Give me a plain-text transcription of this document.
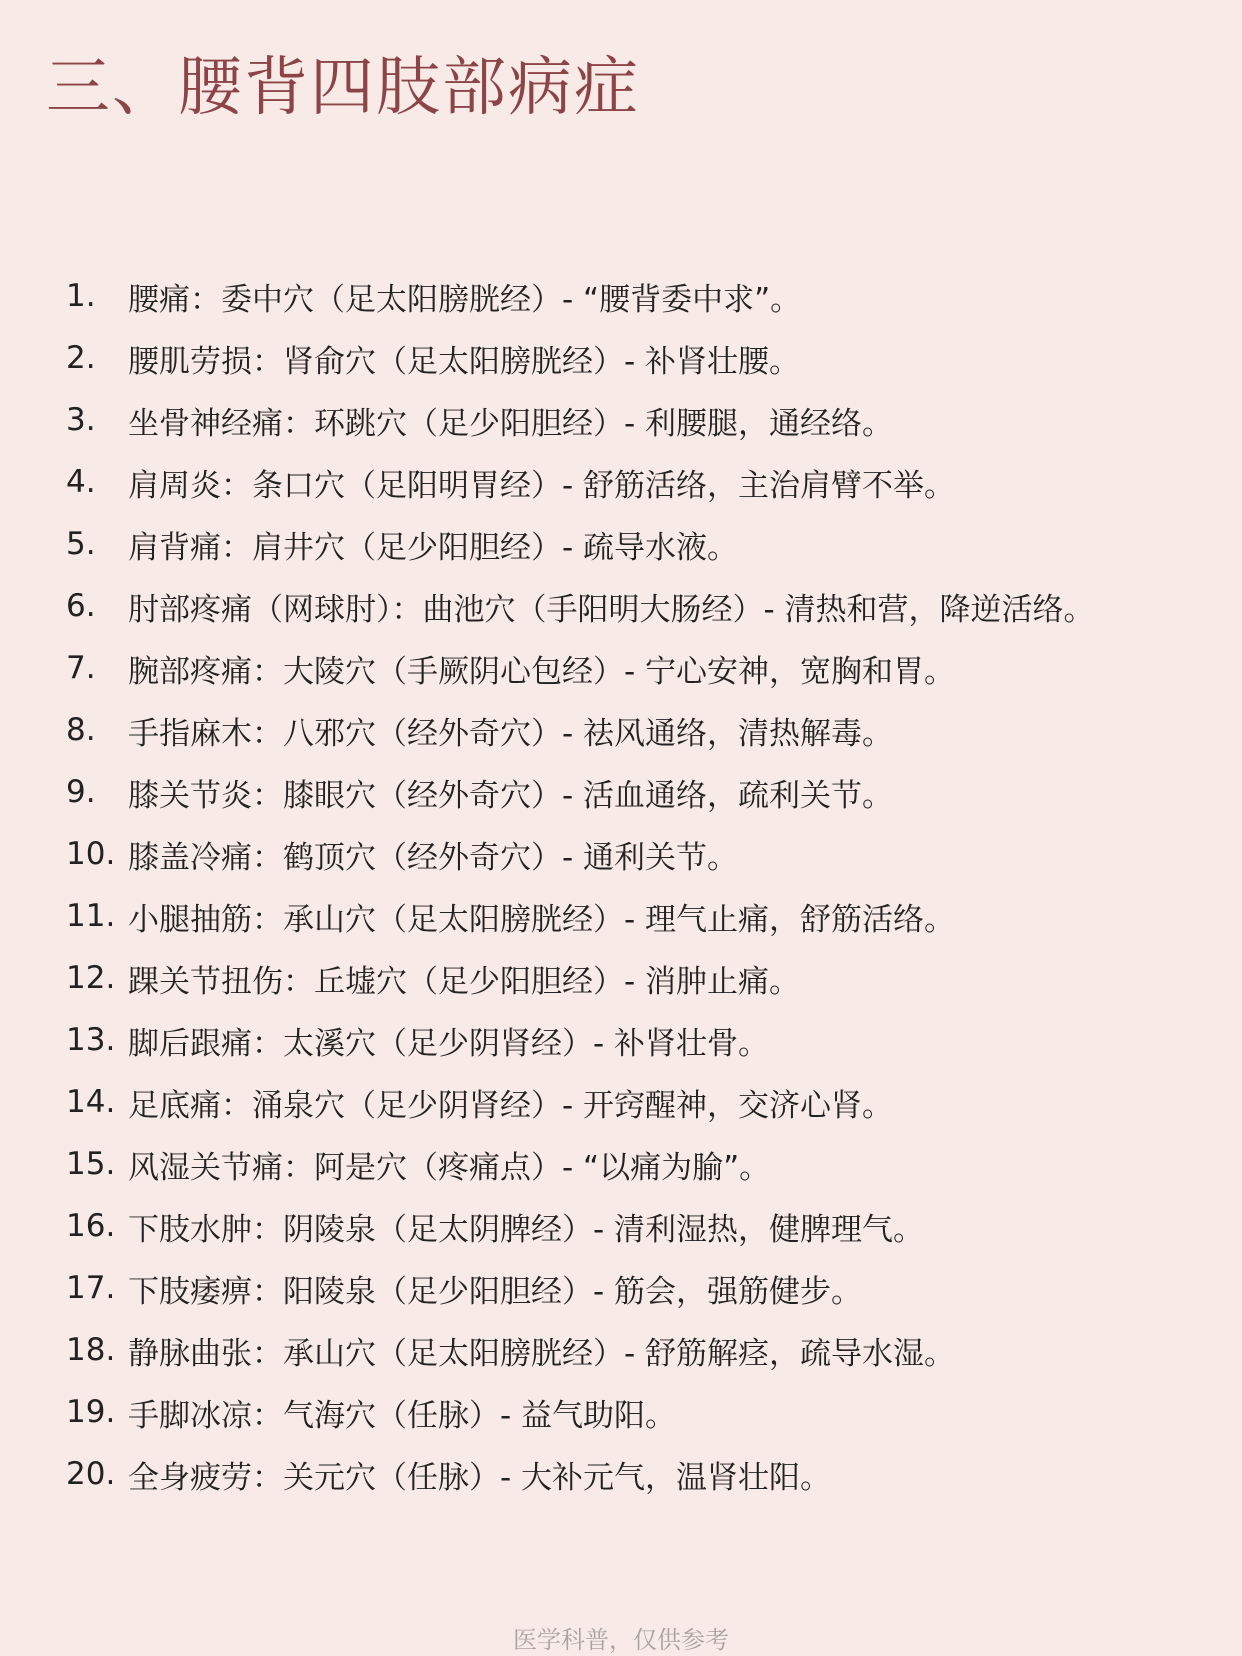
三、腰背四肢部病症
1.	腰痛：委中穴（足太阳膀胱经）- “腰背委中求”。
2.	腰肌劳损：肾俞穴（足太阳膀胱经）- 补肾壮腰。
3.	坐骨神经痛：环跳穴（足少阳胆经）- 利腰腿，通经络。
4.	肩周炎：条口穴（足阳明胃经）- 舒筋活络，主治肩臂不举。
5.	肩背痛：肩井穴（足少阳胆经）- 疏导水液。
6.	肘部疼痛（网球肘）：曲池穴（手阳明大肠经）- 清热和营，降逆活络。
7.	腕部疼痛：大陵穴（手厥阴心包经）- 宁心安神，宽胸和胃。
8.	手指麻木：八邪穴（经外奇穴）- 祛风通络，清热解毒。
9.	膝关节炎：膝眼穴（经外奇穴）- 活血通络，疏利关节。
10. 膝盖冷痛：鹤顶穴（经外奇穴）- 通利关节。
11. 小腿抽筋：承山穴（足太阳膀胱经）- 理气止痛，舒筋活络。
12. 踝关节扭伤：丘墟穴（足少阳胆经）- 消肿止痛。
13. 脚后跟痛：太溪穴（足少阴肾经）- 补肾壮骨。
14. 足底痛：涌泉穴（足少阴肾经）- 开窍醒神，交济心肾。
15. 风湿关节痛：阿是穴（疼痛点）- “以痛为腧”。
16. 下肢水肿：阴陵泉（足太阴脾经）- 清利湿热，健脾理气。
17. 下肢痿痹：阳陵泉（足少阳胆经）- 筋会，强筋健步。
18. 静脉曲张：承山穴（足太阳膀胱经）- 舒筋解痉，疏导水湿。
19. 手脚冰凉：气海穴（任脉）- 益气助阳。
20. 全身疲劳：关元穴（任脉）- 大补元气，温肾壮阳。
医学科普，仅供参考
